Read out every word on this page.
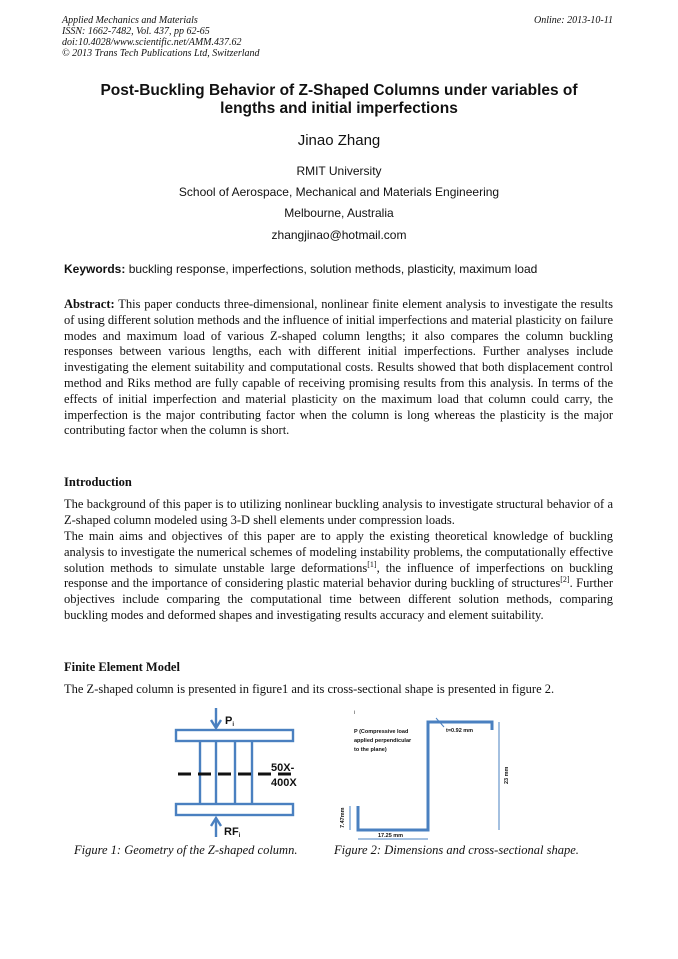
Applied Mechanics and Materials
ISSN: 1662-7482, Vol. 437, pp 62-65
doi:10.4028/www.scientific.net/AMM.437.62
© 2013 Trans Tech Publications Ltd, Switzerland
Online: 2013-10-11
Post-Buckling Behavior of Z-Shaped Columns under variables of
lengths and initial imperfections
Jinao Zhang
RMIT University
School of Aerospace, Mechanical and Materials Engineering
Melbourne, Australia
zhangjinao@hotmail.com
Keywords: buckling response, imperfections, solution methods, plasticity, maximum load
Abstract: This paper conducts three-dimensional, nonlinear finite element analysis to investigate the results of using different solution methods and the influence of initial imperfections and material plasticity on failure modes and maximum load of various Z-shaped column lengths; it also compares the column buckling responses between various lengths, each with different initial imperfections. Further analyses include investigating the element suitability and computational costs. Results showed that both displacement control method and Riks method are fully capable of receiving promising results from this analysis. In terms of the effects of initial imperfection and material plasticity on the maximum load that column could carry, the imperfection is the major contributing factor when the column is long whereas the plasticity is the major contributing factor when the column is short.
Introduction
The background of this paper is to utilizing nonlinear buckling analysis to investigate structural behavior of a Z-shaped column modeled using 3-D shell elements under compression loads.
The main aims and objectives of this paper are to apply the existing theoretical knowledge of buckling analysis to investigate the numerical schemes of modeling instability problems, the computationally effective solution methods to simulate unstable large deformations[1], the influence of imperfections on buckling response and the importance of considering plastic material behavior during buckling of structures[2]. Further objectives include comparing the computational time between different solution methods, comparing buckling modes and deformed shapes and investigating results accuracy and element suitability.
Finite Element Model
The Z-shaped column is presented in figure1 and its cross-sectional shape is presented in figure 2.
Pi
50X-
400X
RFi
i
P (Compressive load
applied perpendicular
to the plane)
t=0.92 mm
23 mm
7.47mm
17.25 mm
Figure 1: Geometry of the Z-shaped column.	Figure 2: Dimensions and cross-sectional shape.
